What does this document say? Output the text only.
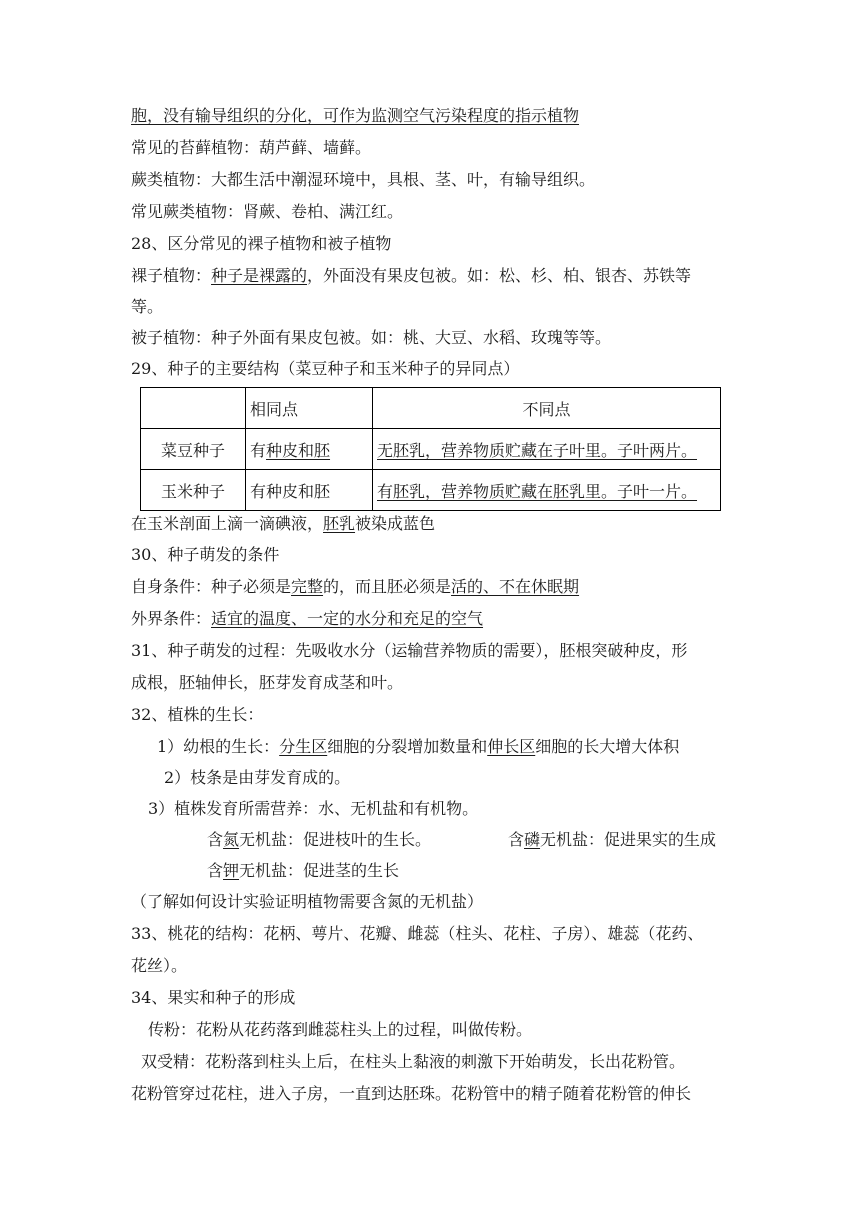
胞，没有输导组织的分化，可作为监测空气污染程度的指示植物
常见的苔藓植物：葫芦藓、墙藓。
蕨类植物：大都生活中潮湿环境中，具根、茎、叶，有输导组织。
常见蕨类植物：肾蕨、卷柏、满江红。
28、区分常见的裸子植物和被子植物
裸子植物：种子是裸露的，外面没有果皮包被。如：松、杉、柏、银杏、苏铁等
等。
被子植物：种子外面有果皮包被。如：桃、大豆、水稻、玫瑰等等。
29、种子的主要结构（菜豆种子和玉米种子的异同点）
	相同点	不同点
菜豆种子	有种皮和胚	无胚乳，营养物质贮藏在子叶里。子叶两片。
玉米种子	有种皮和胚	有胚乳，营养物质贮藏在胚乳里。子叶一片。
在玉米剖面上滴一滴碘液，胚乳被染成蓝色
30、种子萌发的条件
自身条件：种子必须是完整的，而且胚必须是活的、不在休眠期
外界条件：适宜的温度、一定的水分和充足的空气
31、种子萌发的过程：先吸收水分（运输营养物质的需要），胚根突破种皮，形
成根，胚轴伸长，胚芽发育成茎和叶。
32、植株的生长：
1）幼根的生长：分生区细胞的分裂增加数量和伸长区细胞的长大增大体积
2）枝条是由芽发育成的。
3）植株发育所需营养：水、无机盐和有机物。
含氮无机盐：促进枝叶的生长。	含磷无机盐：促进果实的生成
含钾无机盐：促进茎的生长
（了解如何设计实验证明植物需要含氮的无机盐）
33、桃花的结构：花柄、萼片、花瓣、雌蕊（柱头、花柱、子房）、雄蕊（花药、
花丝）。
34、果实和种子的形成
传粉：花粉从花药落到雌蕊柱头上的过程，叫做传粉。
双受精：花粉落到柱头上后，在柱头上黏液的刺激下开始萌发，长出花粉管。
花粉管穿过花柱，进入子房，一直到达胚珠。花粉管中的精子随着花粉管的伸长
